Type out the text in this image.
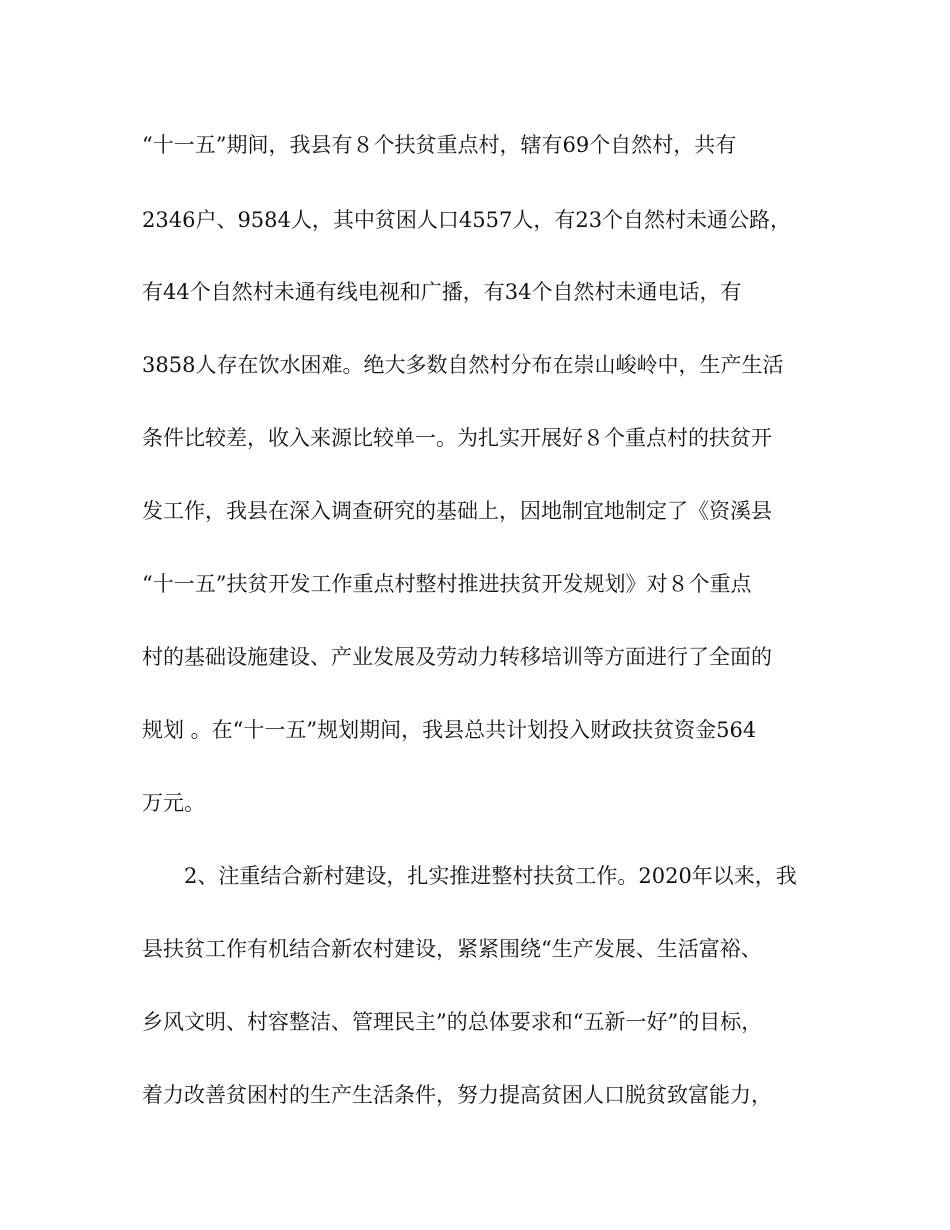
“十一五”期间，我县有８个扶贫重点村，辖有69个自然村，共有
2346户、9584人，其中贫困人口4557人，有23个自然村未通公路，
有44个自然村未通有线电视和广播，有34个自然村未通电话，有
3858人存在饮水困难。绝大多数自然村分布在崇山峻岭中，生产生活
条件比较差，收入来源比较单一。为扎实开展好８个重点村的扶贫开
发工作，我县在深入调查研究的基础上，因地制宜地制定了《资溪县
“十一五”扶贫开发工作重点村整村推进扶贫开发规划》对８个重点
村的基础设施建设、产业发展及劳动力转移培训等方面进行了全面的
规划 。在“十一五”规划期间，我县总共计划投入财政扶贫资金564
万元。
2、注重结合新村建设，扎实推进整村扶贫工作。2020年以来，我
县扶贫工作有机结合新农村建设，紧紧围绕“生产发展、生活富裕、
乡风文明、村容整洁、管理民主”的总体要求和“五新一好”的目标，
着力改善贫困村的生产生活条件，努力提高贫困人口脱贫致富能力，
